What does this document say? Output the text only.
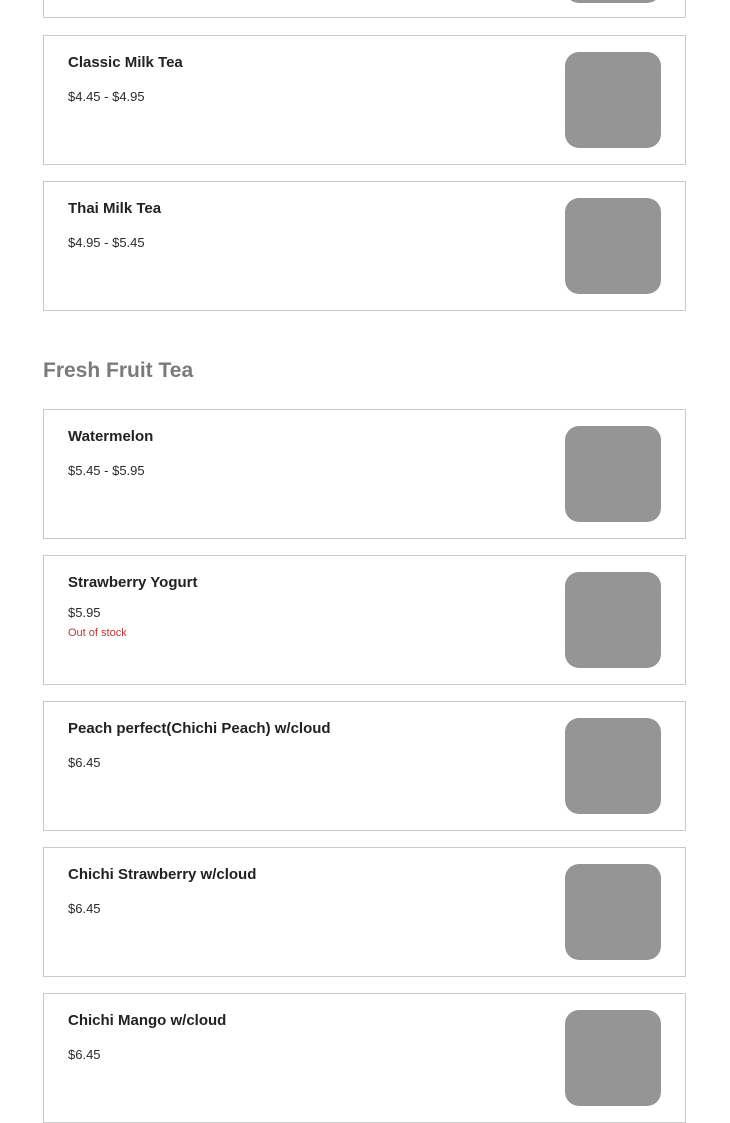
Classic Milk Tea
$4.45 - $4.95
Thai Milk Tea
$4.95 - $5.45
Fresh Fruit Tea
Watermelon
$5.45 - $5.95
Strawberry Yogurt
$5.95
Out of stock
Peach perfect(Chichi Peach) w/cloud
$6.45
Chichi Strawberry w/cloud
$6.45
Chichi Mango w/cloud
$6.45
